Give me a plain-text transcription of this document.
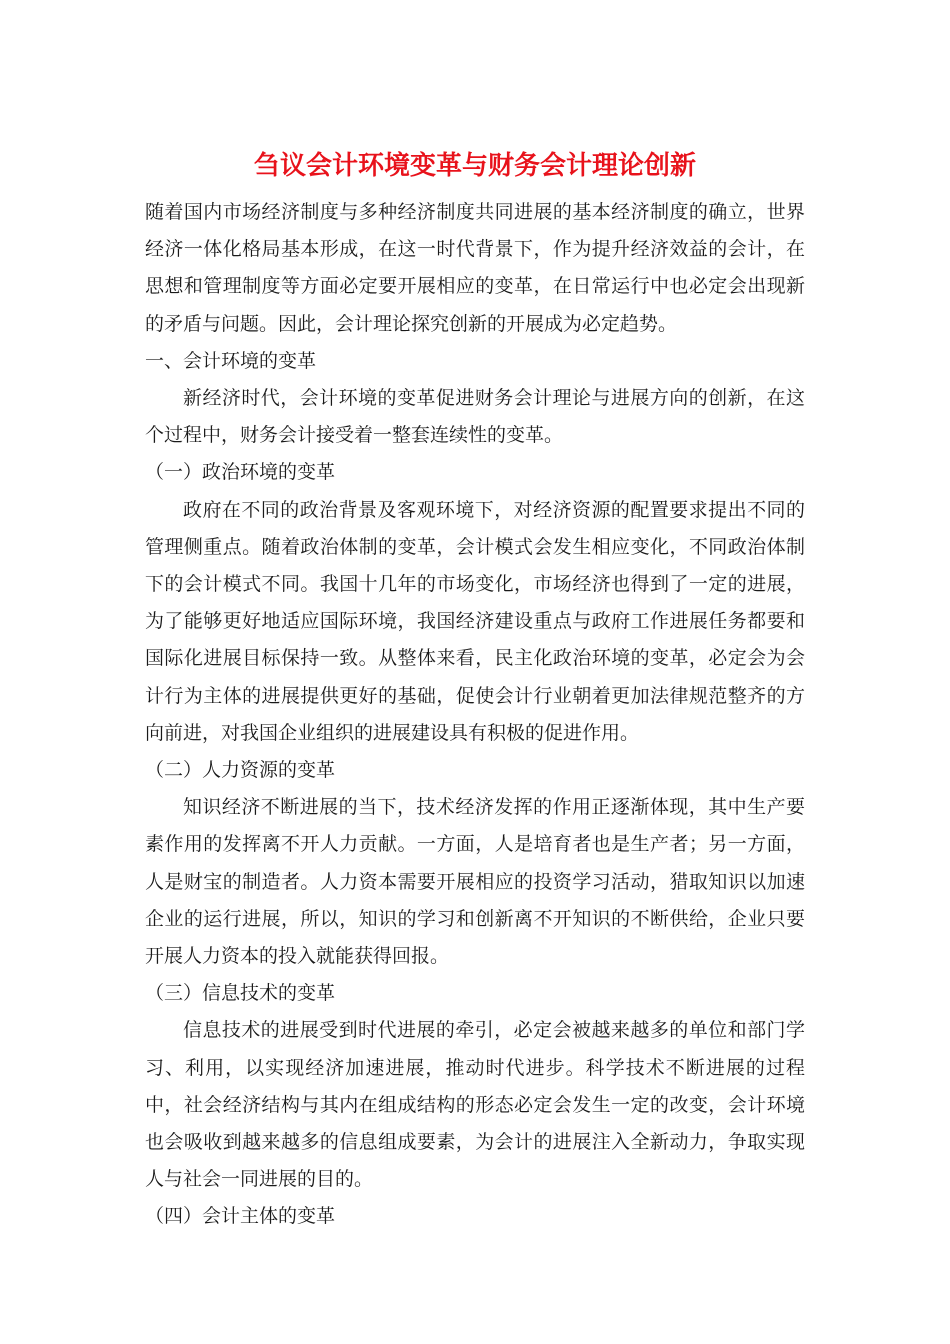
刍议会计环境变革与财务会计理论创新

随着国内市场经济制度与多种经济制度共同进展的基本经济制度的确立，世界经济一体化格局基本形成，在这一时代背景下，作为提升经济效益的会计，在思想和管理制度等方面必定要开展相应的变革，在日常运行中也必定会出现新的矛盾与问题。因此，会计理论探究创新的开展成为必定趋势。

一、会计环境的变革

新经济时代，会计环境的变革促进财务会计理论与进展方向的创新，在这个过程中，财务会计接受着一整套连续性的变革。

（一）政治环境的变革

政府在不同的政治背景及客观环境下，对经济资源的配置要求提出不同的管理侧重点。随着政治体制的变革，会计模式会发生相应变化，不同政治体制下的会计模式不同。我国十几年的市场变化，市场经济也得到了一定的进展，为了能够更好地适应国际环境，我国经济建设重点与政府工作进展任务都要和国际化进展目标保持一致。从整体来看，民主化政治环境的变革，必定会为会计行为主体的进展提供更好的基础，促使会计行业朝着更加法律规范整齐的方向前进，对我国企业组织的进展建设具有积极的促进作用。

（二）人力资源的变革

知识经济不断进展的当下，技术经济发挥的作用正逐渐体现，其中生产要素作用的发挥离不开人力贡献。一方面，人是培育者也是生产者；另一方面，人是财宝的制造者。人力资本需要开展相应的投资学习活动，猎取知识以加速企业的运行进展，所以，知识的学习和创新离不开知识的不断供给，企业只要开展人力资本的投入就能获得回报。

（三）信息技术的变革

信息技术的进展受到时代进展的牵引，必定会被越来越多的单位和部门学习、利用，以实现经济加速进展，推动时代进步。科学技术不断进展的过程中，社会经济结构与其内在组成结构的形态必定会发生一定的改变，会计环境也会吸收到越来越多的信息组成要素，为会计的进展注入全新动力，争取实现人与社会一同进展的目的。

（四）会计主体的变革
